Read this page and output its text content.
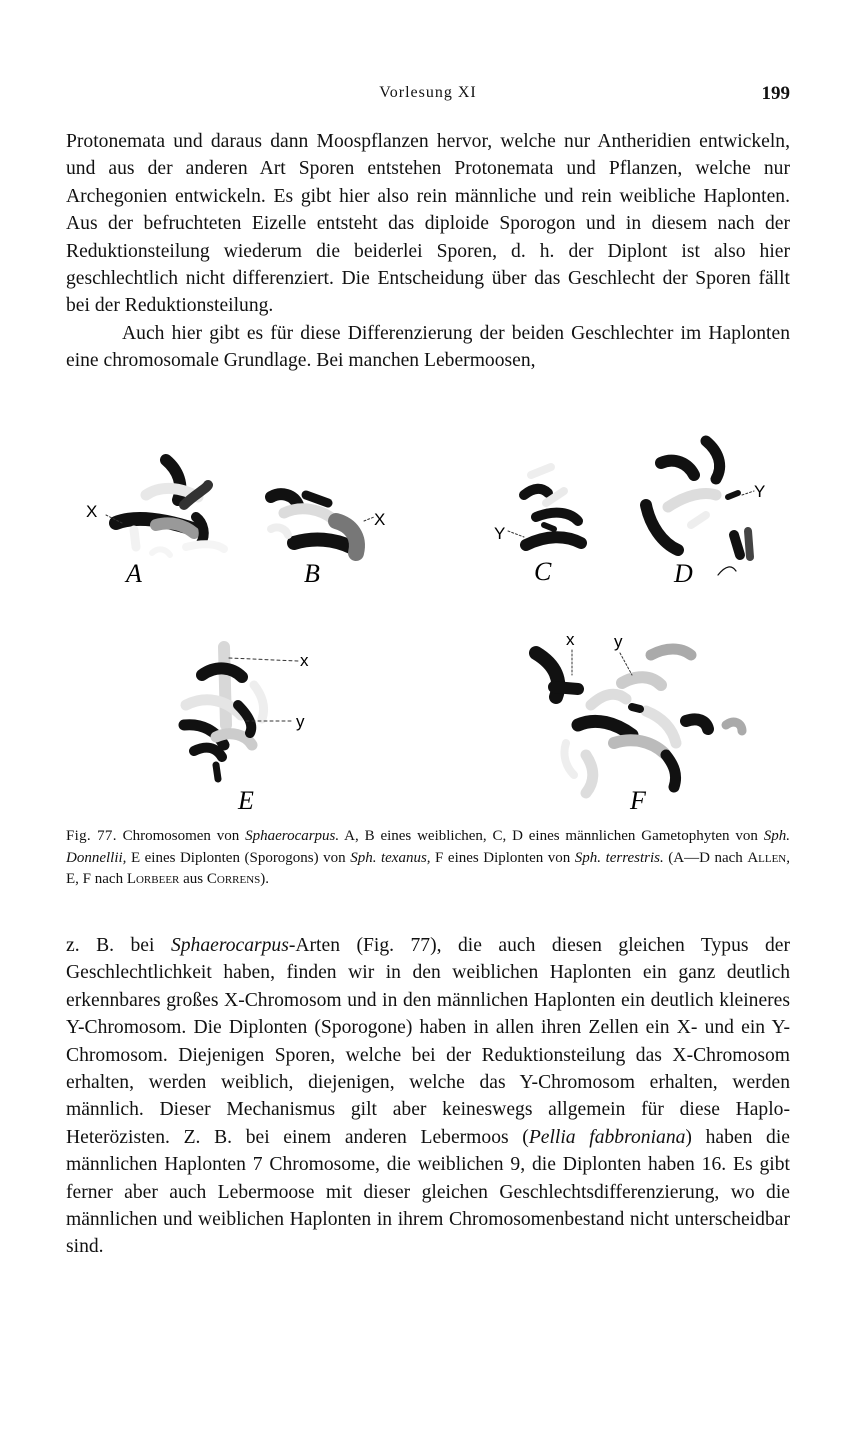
Vorlesung XI	199

Protonemata und daraus dann Moospflanzen hervor, welche nur Antheridien entwickeln, und aus der anderen Art Sporen entstehen Protonemata und Pflanzen, welche nur Archegonien entwickeln. Es gibt hier also rein männliche und rein weibliche Haplonten. Aus der befruchteten Eizelle entsteht das diploide Sporogon und in diesem nach der Reduktionsteilung wiederum die beiderlei Sporen, d. h. der Diplont ist also hier geschlechtlich nicht differenziert. Die Entscheidung über das Geschlecht der Sporen fällt bei der Reduktionsteilung.

Auch hier gibt es für diese Differenzierung der beiden Geschlechter im Haplonten eine chromosomale Grundlage. Bei manchen Lebermoosen,

A	B	C	D
E	F
X	X
Y
Y
x
y
x y

Fig. 77. Chromosomen von Sphaerocarpus. A, B eines weiblichen, C, D eines männlichen Gametophyten von Sph. Donnellii, E eines Diplonten (Sporogons) von Sph. texanus, F eines Diplonten von Sph. terrestris. (A—D nach Allen, E, F nach Lorbeer aus Correns).

z. B. bei Sphaerocarpus-Arten (Fig. 77), die auch diesen gleichen Typus der Geschlechtlichkeit haben, finden wir in den weiblichen Haplonten ein ganz deutlich erkennbares großes X-Chromosom und in den männlichen Haplonten ein deutlich kleineres Y-Chromosom. Die Diplonten (Sporogone) haben in allen ihren Zellen ein X- und ein Y-Chromosom. Diejenigen Sporen, welche bei der Reduktionsteilung das X-Chromosom erhalten, werden weiblich, diejenigen, welche das Y-Chromosom erhalten, werden männlich. Dieser Mechanismus gilt aber keineswegs allgemein für diese Haplo-Heterözisten. Z. B. bei einem anderen Lebermoos (Pellia fabbroniana) haben die männlichen Haplonten 7 Chromosome, die weiblichen 9, die Diplonten haben 16. Es gibt ferner aber auch Lebermoose mit dieser gleichen Geschlechtsdifferenzierung, wo die männlichen und weiblichen Haplonten in ihrem Chromosomenbestand nicht unterscheidbar sind.
